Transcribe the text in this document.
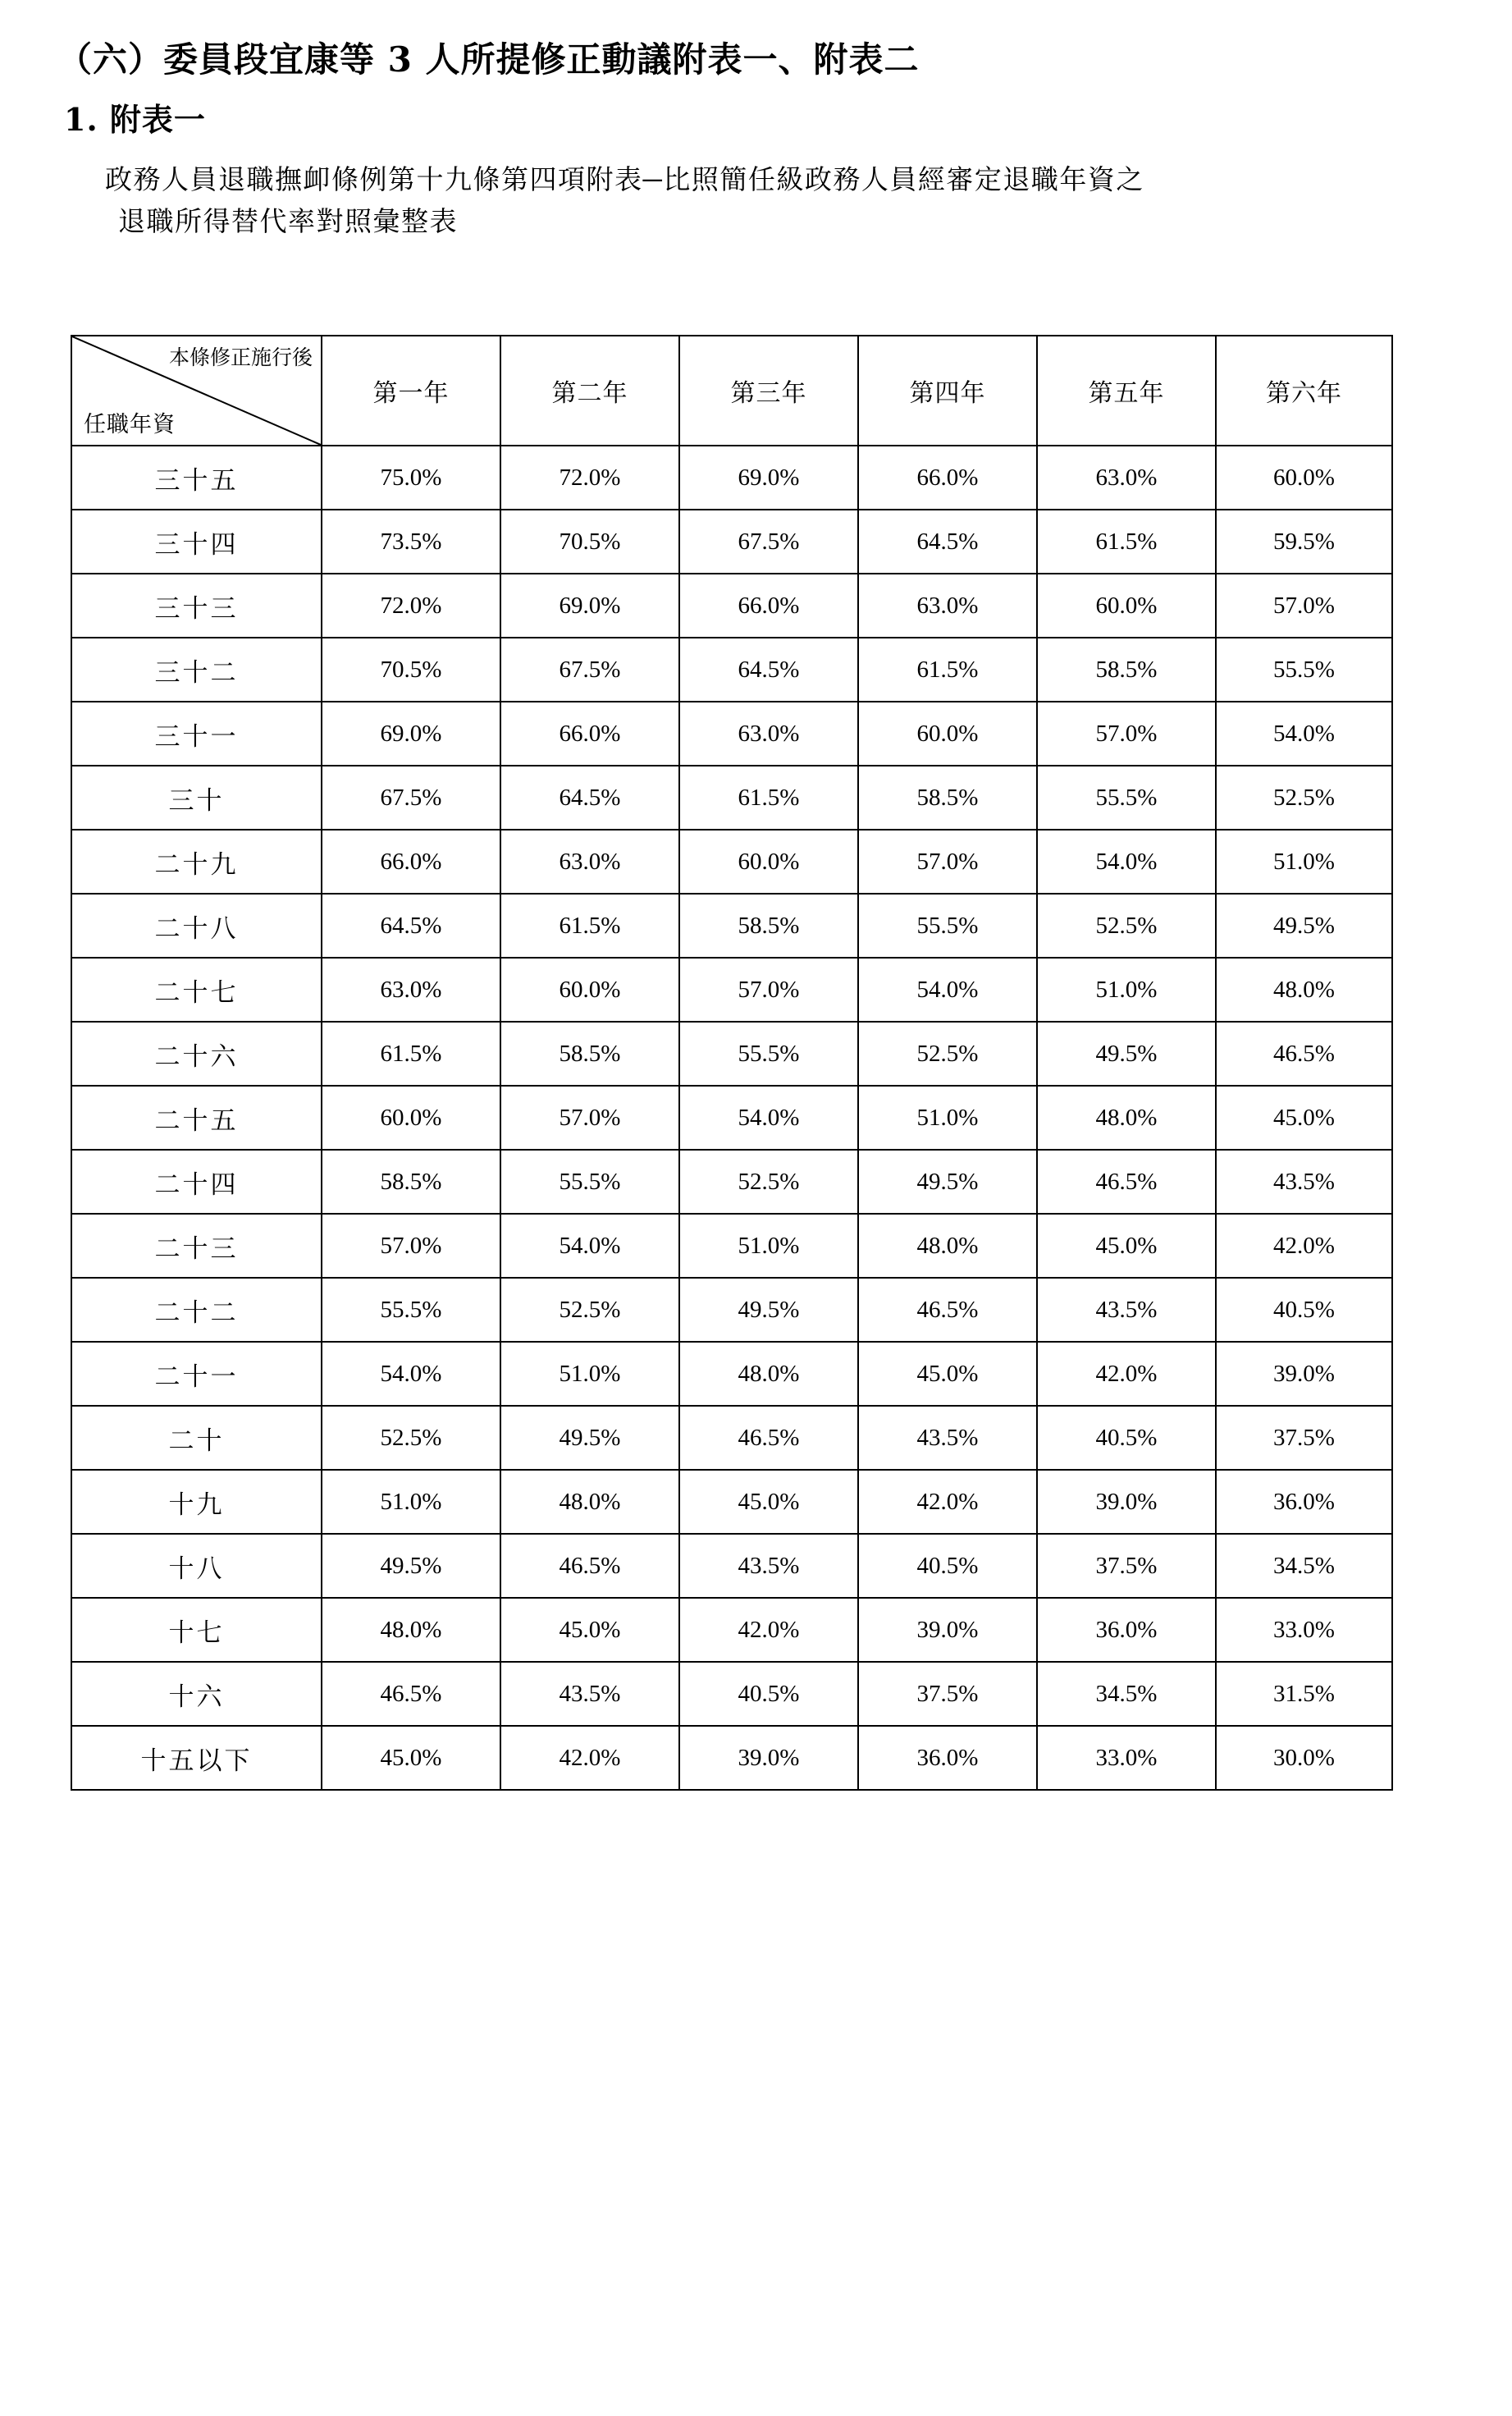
（六）委員段宜康等 3 人所提修正動議附表一、附表二
1. 附表一
政務人員退職撫卹條例第十九條第四項附表─比照簡任級政務人員經審定退職年資之
退職所得替代率對照彙整表
本條修正施行後
任職年資	第一年	第二年	第三年	第四年	第五年	第六年
三十五	75.0%	72.0%	69.0%	66.0%	63.0%	60.0%
三十四	73.5%	70.5%	67.5%	64.5%	61.5%	59.5%
三十三	72.0%	69.0%	66.0%	63.0%	60.0%	57.0%
三十二	70.5%	67.5%	64.5%	61.5%	58.5%	55.5%
三十一	69.0%	66.0%	63.0%	60.0%	57.0%	54.0%
三十	67.5%	64.5%	61.5%	58.5%	55.5%	52.5%
二十九	66.0%	63.0%	60.0%	57.0%	54.0%	51.0%
二十八	64.5%	61.5%	58.5%	55.5%	52.5%	49.5%
二十七	63.0%	60.0%	57.0%	54.0%	51.0%	48.0%
二十六	61.5%	58.5%	55.5%	52.5%	49.5%	46.5%
二十五	60.0%	57.0%	54.0%	51.0%	48.0%	45.0%
二十四	58.5%	55.5%	52.5%	49.5%	46.5%	43.5%
二十三	57.0%	54.0%	51.0%	48.0%	45.0%	42.0%
二十二	55.5%	52.5%	49.5%	46.5%	43.5%	40.5%
二十一	54.0%	51.0%	48.0%	45.0%	42.0%	39.0%
二十	52.5%	49.5%	46.5%	43.5%	40.5%	37.5%
十九	51.0%	48.0%	45.0%	42.0%	39.0%	36.0%
十八	49.5%	46.5%	43.5%	40.5%	37.5%	34.5%
十七	48.0%	45.0%	42.0%	39.0%	36.0%	33.0%
十六	46.5%	43.5%	40.5%	37.5%	34.5%	31.5%
十五以下	45.0%	42.0%	39.0%	36.0%	33.0%	30.0%
